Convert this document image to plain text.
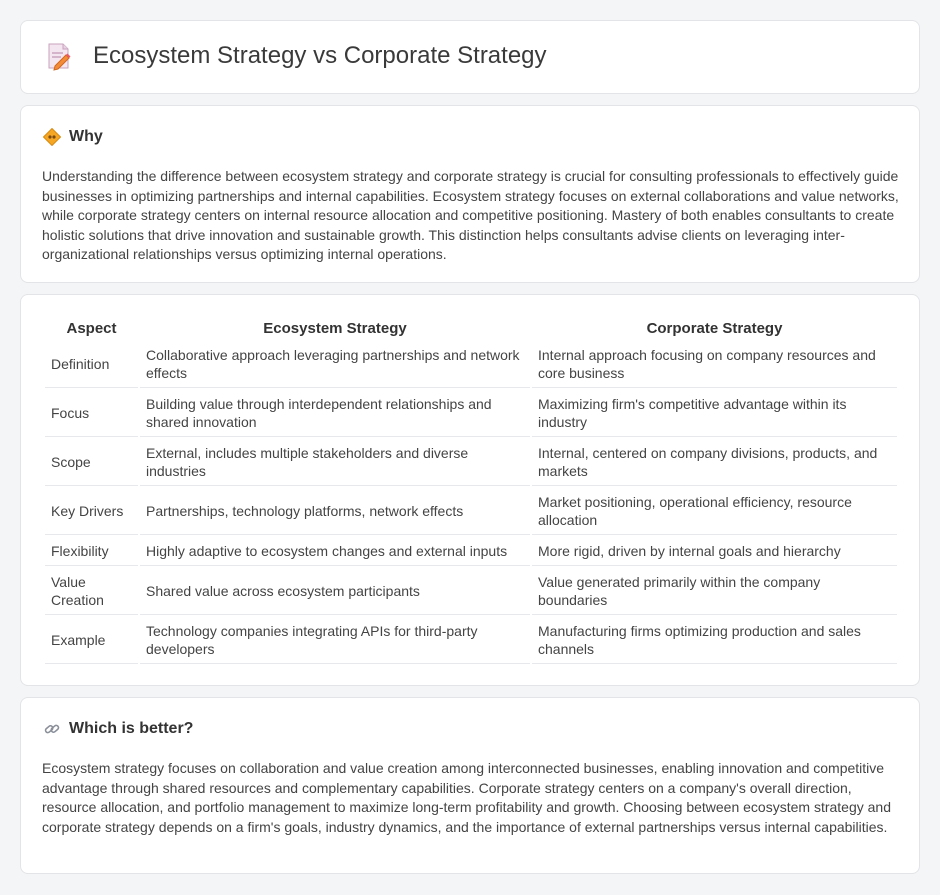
Ecosystem Strategy vs Corporate Strategy
Why

Understanding the difference between ecosystem strategy and corporate strategy is crucial for consulting professionals to effectively guide businesses in optimizing partnerships and internal capabilities. Ecosystem strategy focuses on external collaborations and value networks, while corporate strategy centers on internal resource allocation and competitive positioning. Mastery of both enables consultants to create holistic solutions that drive innovation and sustainable growth. This distinction helps consultants advise clients on leveraging inter-organizational relationships versus optimizing internal operations.

Aspect	Ecosystem Strategy	Corporate Strategy
Definition	Collaborative approach leveraging partnerships and network effects	Internal approach focusing on company resources and core business
Focus	Building value through interdependent relationships and shared innovation	Maximizing firm's competitive advantage within its industry
Scope	External, includes multiple stakeholders and diverse industries	Internal, centered on company divisions, products, and markets
Key Drivers	Partnerships, technology platforms, network effects	Market positioning, operational efficiency, resource allocation
Flexibility	Highly adaptive to ecosystem changes and external inputs	More rigid, driven by internal goals and hierarchy
Value Creation	Shared value across ecosystem participants	Value generated primarily within the company boundaries
Example	Technology companies integrating APIs for third-party developers	Manufacturing firms optimizing production and sales channels
Which is better?

Ecosystem strategy focuses on collaboration and value creation among interconnected businesses, enabling innovation and competitive advantage through shared resources and complementary capabilities. Corporate strategy centers on a company's overall direction, resource allocation, and portfolio management to maximize long-term profitability and growth. Choosing between ecosystem strategy and corporate strategy depends on a firm's goals, industry dynamics, and the importance of external partnerships versus internal capabilities.
